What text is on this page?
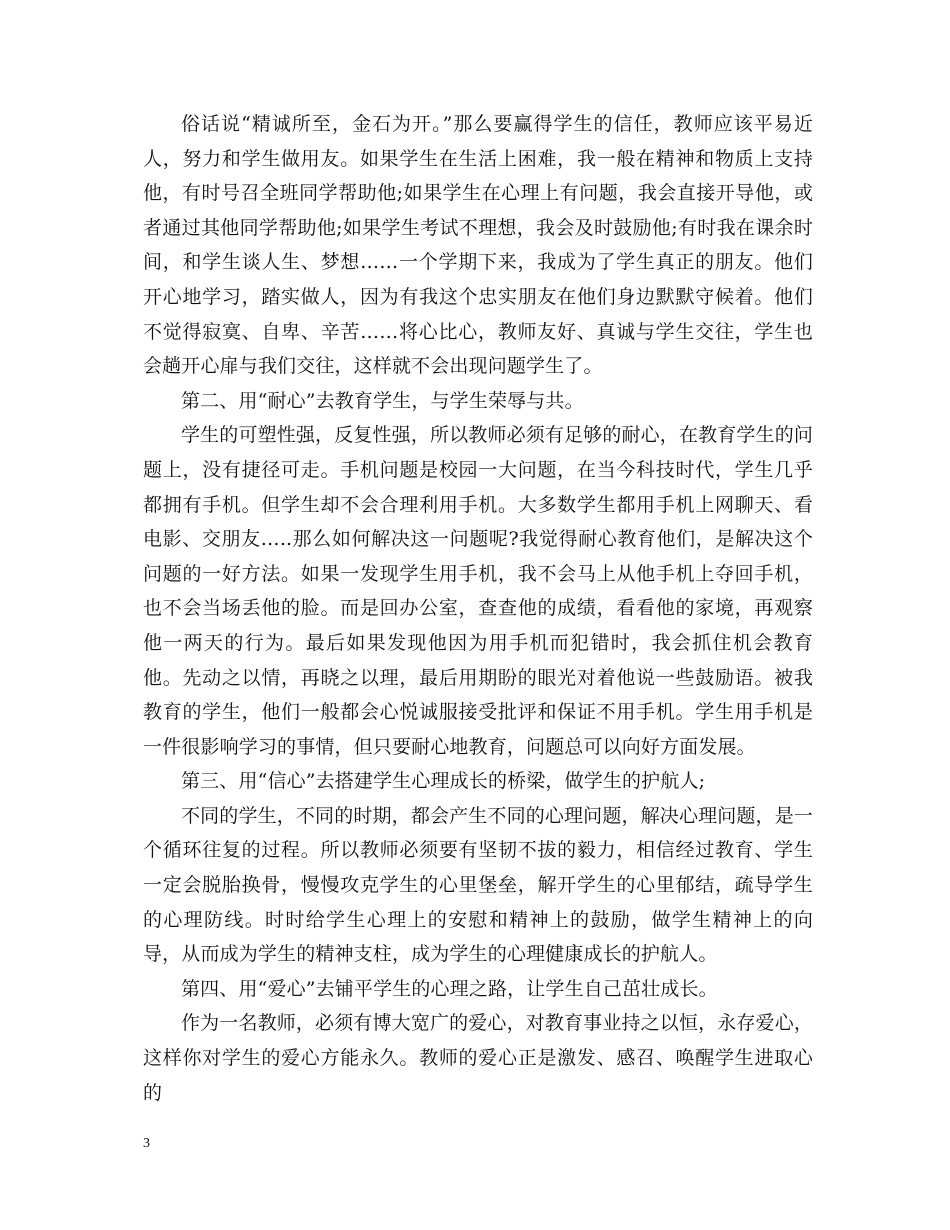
俗话说“精诚所至，金石为开。”那么要赢得学生的信任，教师应该平易近人，努力和学生做用友。如果学生在生活上困难，我一般在精神和物质上支持他，有时号召全班同学帮助他;如果学生在心理上有问题，我会直接开导他，或者通过其他同学帮助他;如果学生考试不理想，我会及时鼓励他;有时我在课余时间，和学生谈人生、梦想……一个学期下来，我成为了学生真正的朋友。他们开心地学习，踏实做人，因为有我这个忠实朋友在他们身边默默守候着。他们不觉得寂寞、自卑、辛苦……将心比心，教师友好、真诚与学生交往，学生也会趟开心扉与我们交往，这样就不会出现问题学生了。

第二、用“耐心”去教育学生，与学生荣辱与共。

学生的可塑性强，反复性强，所以教师必须有足够的耐心，在教育学生的问题上，没有捷径可走。手机问题是校园一大问题，在当今科技时代，学生几乎都拥有手机。但学生却不会合理利用手机。大多数学生都用手机上网聊天、看电影、交朋友…..那么如何解决这一问题呢?我觉得耐心教育他们，是解决这个问题的一好方法。如果一发现学生用手机，我不会马上从他手机上夺回手机，也不会当场丢他的脸。而是回办公室，查查他的成绩，看看他的家境，再观察他一两天的行为。最后如果发现他因为用手机而犯错时，我会抓住机会教育他。先动之以情，再晓之以理，最后用期盼的眼光对着他说一些鼓励语。被我教育的学生，他们一般都会心悦诚服接受批评和保证不用手机。学生用手机是一件很影响学习的事情，但只要耐心地教育，问题总可以向好方面发展。

第三、用“信心”去搭建学生心理成长的桥梁，做学生的护航人;

不同的学生，不同的时期，都会产生不同的心理问题，解决心理问题，是一个循环往复的过程。所以教师必须要有坚韧不拔的毅力，相信经过教育、学生一定会脱胎换骨，慢慢攻克学生的心里堡垒，解开学生的心里郁结，疏导学生的心理防线。时时给学生心理上的安慰和精神上的鼓励，做学生精神上的向导，从而成为学生的精神支柱，成为学生的心理健康成长的护航人。

第四、用“爱心”去铺平学生的心理之路，让学生自己茁壮成长。

作为一名教师，必须有博大宽广的爱心，对教育事业持之以恒，永存爱心，这样你对学生的爱心方能永久。教师的爱心正是激发、感召、唤醒学生进取心的

3
